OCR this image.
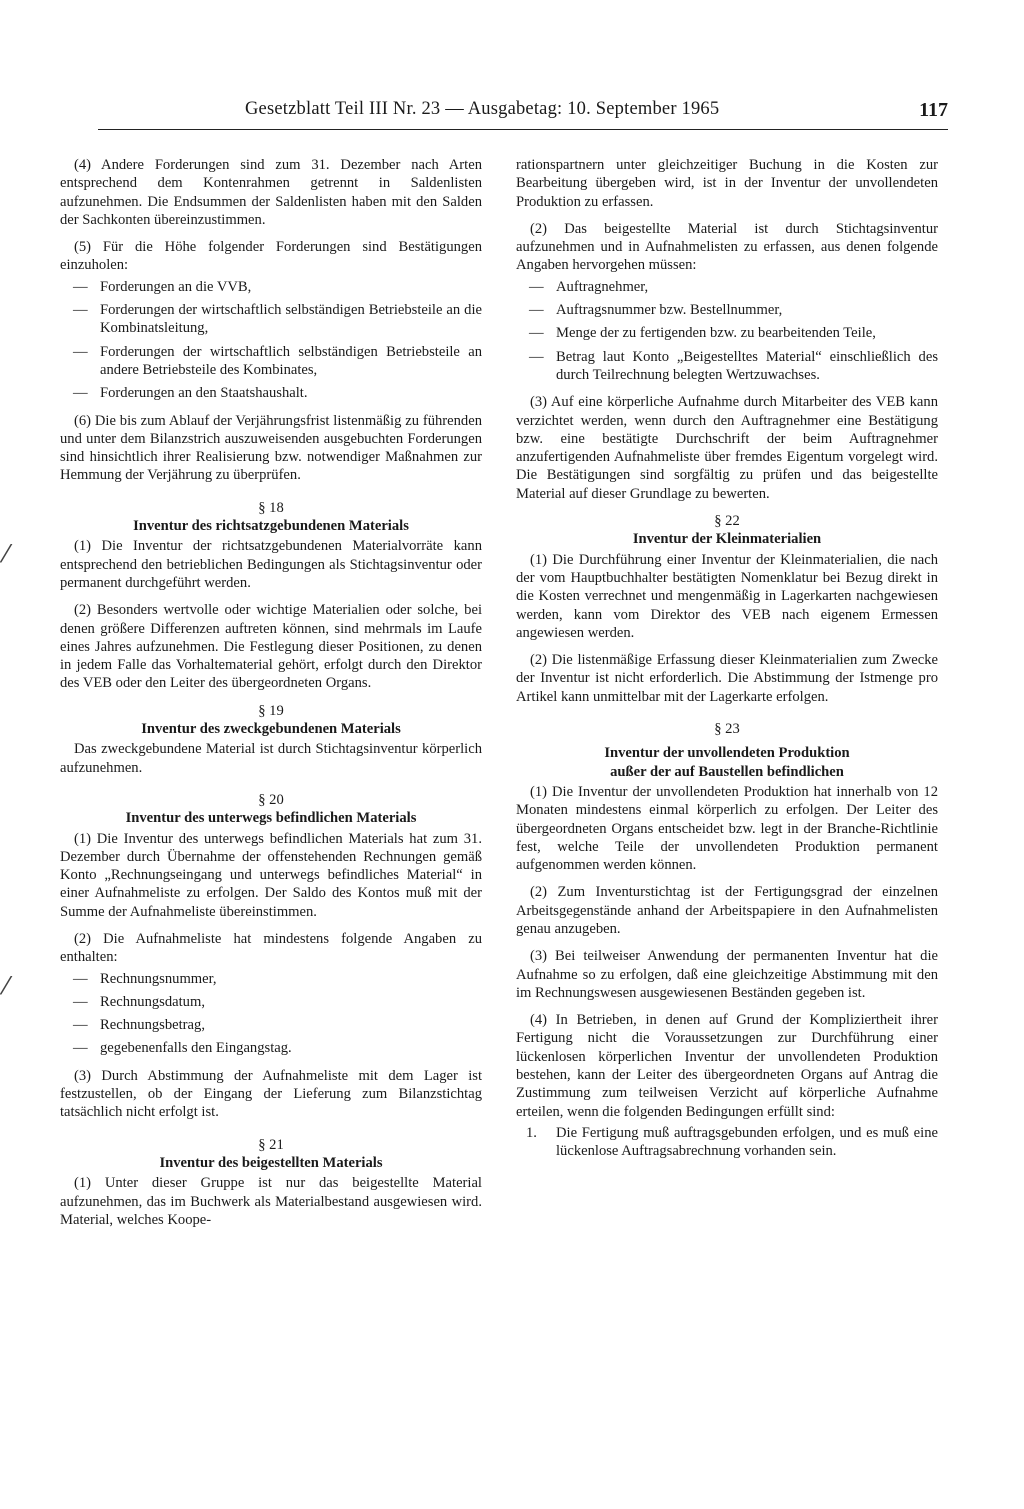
Gesetzblatt Teil III Nr. 23 — Ausgabetag: 10. September 1965	117
⁄
⁄

(4) Andere Forderungen sind zum 31. Dezember nach Arten entsprechend dem Kontenrahmen getrennt in Saldenlisten aufzunehmen. Die Endsummen der Saldenlisten haben mit den Salden der Sachkonten übereinzustimmen.

(5) Für die Höhe folgender Forderungen sind Bestätigungen einzuholen:

— Forderungen an die VVB,
— Forderungen der wirtschaftlich selbständigen Betriebsteile an die Kombinatsleitung,
— Forderungen der wirtschaftlich selbständigen Betriebsteile an andere Betriebsteile des Kombinates,
— Forderungen an den Staatshaushalt.

(6) Die bis zum Ablauf der Verjährungsfrist listenmäßig zu führenden und unter dem Bilanzstrich auszuweisenden ausgebuchten Forderungen sind hinsichtlich ihrer Realisierung bzw. notwendiger Maßnahmen zur Hemmung der Verjährung zu überprüfen.

§ 18
Inventur des richtsatzgebundenen Materials

(1) Die Inventur der richtsatzgebundenen Materialvorräte kann entsprechend den betrieblichen Bedingungen als Stichtagsinventur oder permanent durchgeführt werden.

(2) Besonders wertvolle oder wichtige Materialien oder solche, bei denen größere Differenzen auftreten können, sind mehrmals im Laufe eines Jahres aufzunehmen. Die Festlegung dieser Positionen, zu denen in jedem Falle das Vorhaltematerial gehört, erfolgt durch den Direktor des VEB oder den Leiter des übergeordneten Organs.

§ 19
Inventur des zweckgebundenen Materials

Das zweckgebundene Material ist durch Stichtagsinventur körperlich aufzunehmen.

§ 20
Inventur des unterwegs befindlichen Materials

(1) Die Inventur des unterwegs befindlichen Materials hat zum 31. Dezember durch Übernahme der offenstehenden Rechnungen gemäß Konto „Rechnungseingang und unterwegs befindliches Material“ in einer Aufnahmeliste zu erfolgen. Der Saldo des Kontos muß mit der Summe der Aufnahmeliste übereinstimmen.

(2) Die Aufnahmeliste hat mindestens folgende Angaben zu enthalten:

— Rechnungsnummer,
— Rechnungsdatum,
— Rechnungsbetrag,
— gegebenenfalls den Eingangstag.

(3) Durch Abstimmung der Aufnahmeliste mit dem Lager ist festzustellen, ob der Eingang der Lieferung zum Bilanzstichtag tatsächlich nicht erfolgt ist.

§ 21
Inventur des beigestellten Materials

(1) Unter dieser Gruppe ist nur das beigestellte Material aufzunehmen, das im Buchwerk als Materialbestand ausgewiesen wird. Material, welches Koope-

rationspartnern unter gleichzeitiger Buchung in die Kosten zur Bearbeitung übergeben wird, ist in der Inventur der unvollendeten Produktion zu erfassen.

(2) Das beigestellte Material ist durch Stichtagsinventur aufzunehmen und in Aufnahmelisten zu erfassen, aus denen folgende Angaben hervorgehen müssen:

— Auftragnehmer,
— Auftragsnummer bzw. Bestellnummer,
— Menge der zu fertigenden bzw. zu bearbeitenden Teile,
— Betrag laut Konto „Beigestelltes Material“ einschließlich des durch Teilrechnung belegten Wertzuwachses.

(3) Auf eine körperliche Aufnahme durch Mitarbeiter des VEB kann verzichtet werden, wenn durch den Auftragnehmer eine Bestätigung bzw. eine bestätigte Durchschrift der beim Auftragnehmer anzufertigenden Aufnahmeliste über fremdes Eigentum vorgelegt wird. Die Bestätigungen sind sorgfältig zu prüfen und das beigestellte Material auf dieser Grundlage zu bewerten.

§ 22
Inventur der Kleinmaterialien

(1) Die Durchführung einer Inventur der Kleinmaterialien, die nach der vom Hauptbuchhalter bestätigten Nomenklatur bei Bezug direkt in die Kosten verrechnet und mengenmäßig in Lagerkarten nachgewiesen werden, kann vom Direktor des VEB nach eigenem Ermessen angewiesen werden.

(2) Die listenmäßige Erfassung dieser Kleinmaterialien zum Zwecke der Inventur ist nicht erforderlich. Die Abstimmung der Istmenge pro Artikel kann unmittelbar mit der Lagerkarte erfolgen.

§ 23
Inventur der unvollendeten Produktion
außer der auf Baustellen befindlichen

(1) Die Inventur der unvollendeten Produktion hat innerhalb von 12 Monaten mindestens einmal körperlich zu erfolgen. Der Leiter des übergeordneten Organs entscheidet bzw. legt in der Branche-Richtlinie fest, welche Teile der unvollendeten Produktion permanent aufgenommen werden können.

(2) Zum Inventurstichtag ist der Fertigungsgrad der einzelnen Arbeitsgegenstände anhand der Arbeitspapiere in den Aufnahmelisten genau anzugeben.

(3) Bei teilweiser Anwendung der permanenten Inventur hat die Aufnahme so zu erfolgen, daß eine gleichzeitige Abstimmung mit den im Rechnungswesen ausgewiesenen Beständen gegeben ist.

(4) In Betrieben, in denen auf Grund der Kompliziertheit ihrer Fertigung nicht die Voraussetzungen zur Durchführung einer lückenlosen körperlichen Inventur der unvollendeten Produktion bestehen, kann der Leiter des übergeordneten Organs auf Antrag die Zustimmung zum teilweisen Verzicht auf körperliche Aufnahme erteilen, wenn die folgenden Bedingungen erfüllt sind:

1. Die Fertigung muß auftragsgebunden erfolgen, und es muß eine lückenlose Auftragsabrechnung vorhanden sein.
